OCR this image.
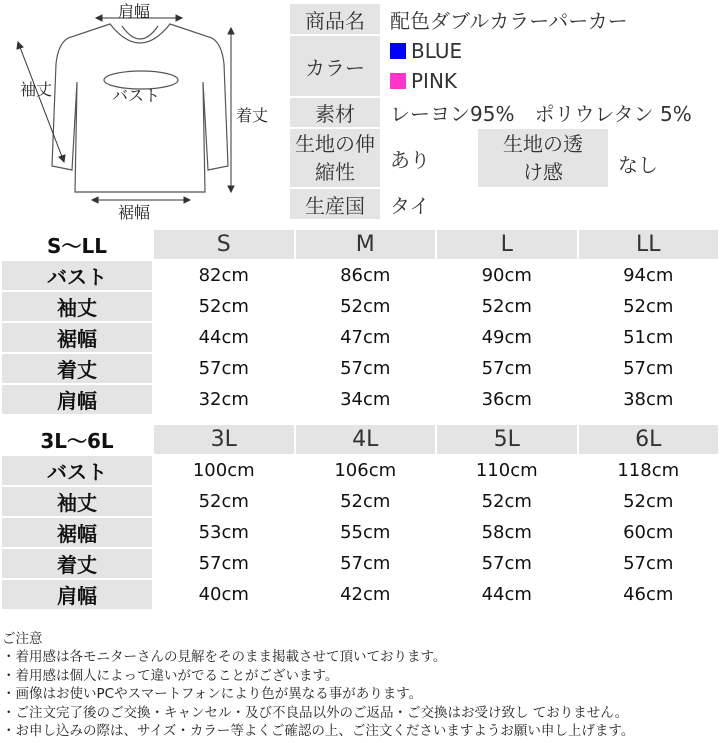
肩幅
袖丈	バスト
着丈
裾幅
商品名	配色ダブルカラーパーカー		
カラー	BLUE
PINK		

素材	レーヨン95%　ポリウレタン 5%		
生地の伸縮性	あり	生地の透け感	なし
生産国	タイ		
S～LL	S	M	L	LL
バスト	82cm	86cm	90cm	94cm
袖丈	52cm	52cm	52cm	52cm
裾幅	44cm	47cm	49cm	51cm
着丈	57cm	57cm	57cm	57cm
肩幅	32cm	34cm	36cm	38cm
3L～6L	3L	4L	5L	6L
バスト	100cm	106cm	110cm	118cm
袖丈	52cm	52cm	52cm	52cm
裾幅	53cm	55cm	58cm	60cm
着丈	57cm	57cm	57cm	57cm
肩幅	40cm	42cm	44cm	46cm
ご注意
・着用感は各モニターさんの見解をそのまま掲載させて頂いております。
・着用感は個人によって違いがでることがございます。
・画像はお使いPCやスマートフォンにより色が異なる事があります。
・ご注文完了後のご交換・キャンセル・及び不良品以外のご返品・ご交換はお受け致し ておりません。
・お申し込みの際は、サイズ・カラー等よくご確認の上、ご注文くださいますようお願い申し上げます。
